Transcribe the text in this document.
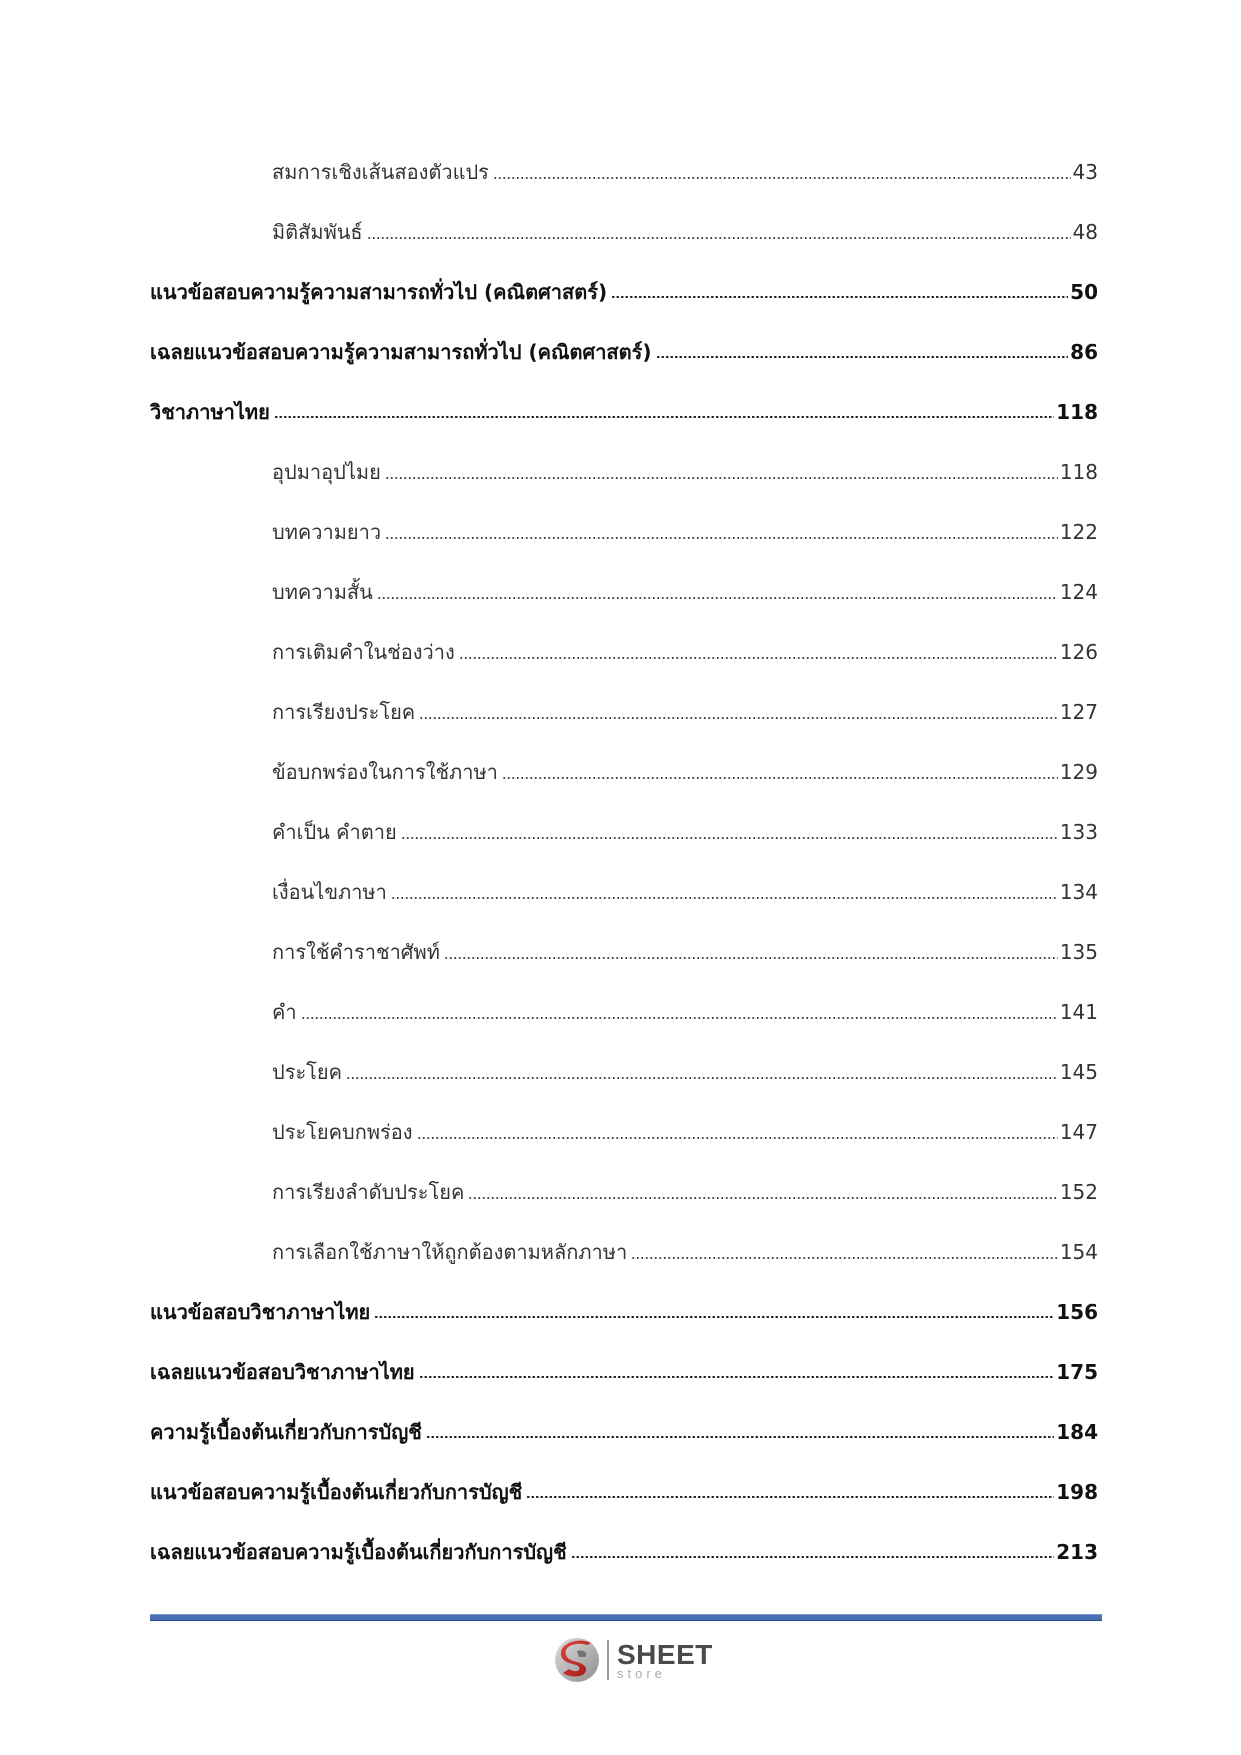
สมการเชิงเส้นสองตัวแปร	43
มิติสัมพันธ์	48
แนวข้อสอบความรู้ความสามารถทั่วไป (คณิตศาสตร์)	50
เฉลยแนวข้อสอบความรู้ความสามารถทั่วไป (คณิตศาสตร์)	86
วิชาภาษาไทย	118
อุปมาอุปไมย	118
บทความยาว	122
บทความสั้น	124
การเติมคำในช่องว่าง	126
การเรียงประโยค	127
ข้อบกพร่องในการใช้ภาษา	129
คำเป็น คำตาย	133
เงื่อนไขภาษา	134
การใช้คำราชาศัพท์	135
คำ	141
ประโยค	145
ประโยคบกพร่อง	147
การเรียงลำดับประโยค	152
การเลือกใช้ภาษาให้ถูกต้องตามหลักภาษา	154
แนวข้อสอบวิชาภาษาไทย	156
เฉลยแนวข้อสอบวิชาภาษาไทย	175
ความรู้เบื้องต้นเกี่ยวกับการบัญชี	184
แนวข้อสอบความรู้เบื้องต้นเกี่ยวกับการบัญชี	198
เฉลยแนวข้อสอบความรู้เบื้องต้นเกี่ยวกับการบัญชี	213
SHEET
store
